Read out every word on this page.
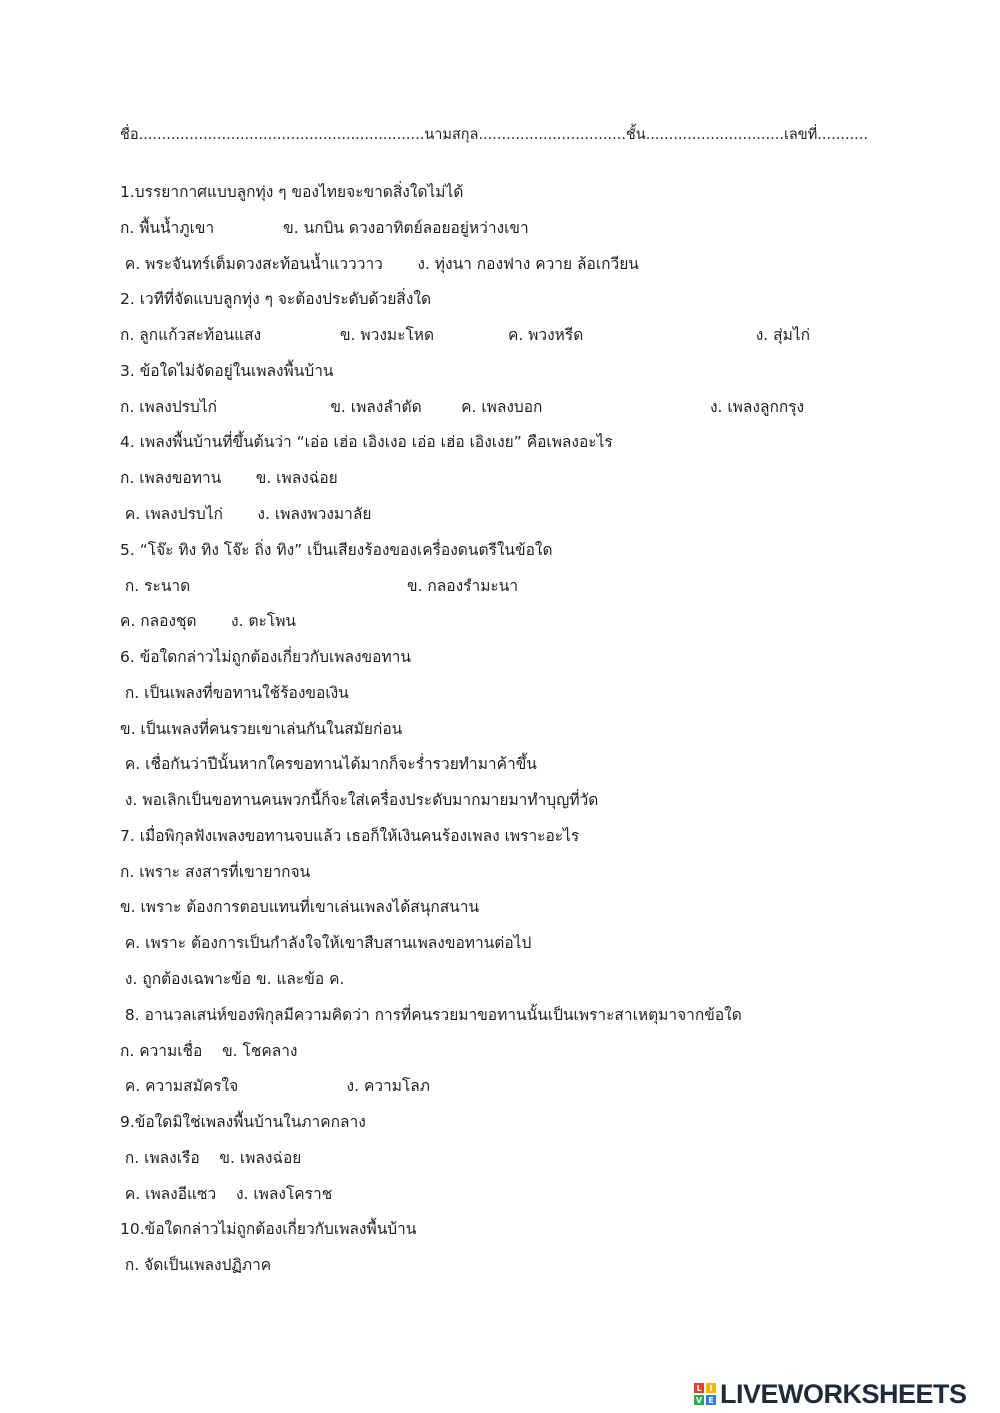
ชื่อ..............................................................นามสกุล................................ชั้น..............................เลขที่...........
1.บรรยากาศแบบลูกทุ่ง ๆ ของไทยจะขาดสิ่งใดไม่ได้
ก. พื้นน้ำภูเขา              ข. นกบิน ดวงอาทิตย์ลอยอยู่หว่างเขา
ค. พระจันทร์เต็มดวงสะท้อนน้ำแวววาว       ง. ทุ่งนา กองฟาง ควาย ล้อเกวียน
2. เวทีที่จัดแบบลูกทุ่ง ๆ จะต้องประดับด้วยสิ่งใด
ก. ลูกแก้วสะท้อนแสง                ข. พวงมะโหด               ค. พวงหรีด                                   ง. สุ่มไก่
3. ข้อใดไม่จัดอยู่ในเพลงพื้นบ้าน
ก. เพลงปรบไก่                       ข. เพลงลำตัด        ค. เพลงบอก                                  ง. เพลงลูกกรุง
4. เพลงพื้นบ้านที่ขึ้นต้นว่า “เอ่อ เฮ่อ เอิงเงอ เอ่อ เฮ่อ เอิงเงย” คือเพลงอะไร
ก. เพลงขอทาน       ข. เพลงฉ่อย
ค. เพลงปรบไก่       ง. เพลงพวงมาลัย
5. “โจ๊ะ ทิง ทิง โจ๊ะ ถิ่ง ทิง” เป็นเสียงร้องของเครื่องดนตรีในข้อใด
ก. ระนาด                                            ข. กลองรำมะนา
ค. กลองชุด       ง. ตะโพน
6. ข้อใดกล่าวไม่ถูกต้องเกี่ยวกับเพลงขอทาน
ก. เป็นเพลงที่ขอทานใช้ร้องขอเงิน
ข. เป็นเพลงที่คนรวยเขาเล่นกันในสมัยก่อน
ค. เชื่อกันว่าปีนั้นหากใครขอทานได้มากก็จะร่ำรวยทำมาค้าขึ้น
ง. พอเลิกเป็นขอทานคนพวกนี้ก็จะใส่เครื่องประดับมากมายมาทำบุญที่วัด
7. เมื่อพิกุลฟังเพลงขอทานจบแล้ว เธอก็ให้เงินคนร้องเพลง เพราะอะไร
ก. เพราะ สงสารที่เขายากจน
ข. เพราะ ต้องการตอบแทนที่เขาเล่นเพลงได้สนุกสนาน
ค. เพราะ ต้องการเป็นกำลังใจให้เขาสืบสานเพลงขอทานต่อไป
ง. ถูกต้องเฉพาะข้อ ข. และข้อ ค.
8. อานวลเสน่ห์ของพิกุลมีความคิดว่า การที่คนรวยมาขอทานนั้นเป็นเพราะสาเหตุมาจากข้อใด
ก. ความเชื่อ    ข. โชคลาง
ค. ความสมัครใจ                      ง. ความโลภ
9.ข้อใดมิใช่เพลงพื้นบ้านในภาคกลาง
ก. เพลงเรือ    ข. เพลงฉ่อย
ค. เพลงอีแซว    ง. เพลงโคราช
10.ข้อใดกล่าวไม่ถูกต้องเกี่ยวกับเพลงพื้นบ้าน
ก. จัดเป็นเพลงปฏิภาค
L I
V E LIVEWORKSHEETS
